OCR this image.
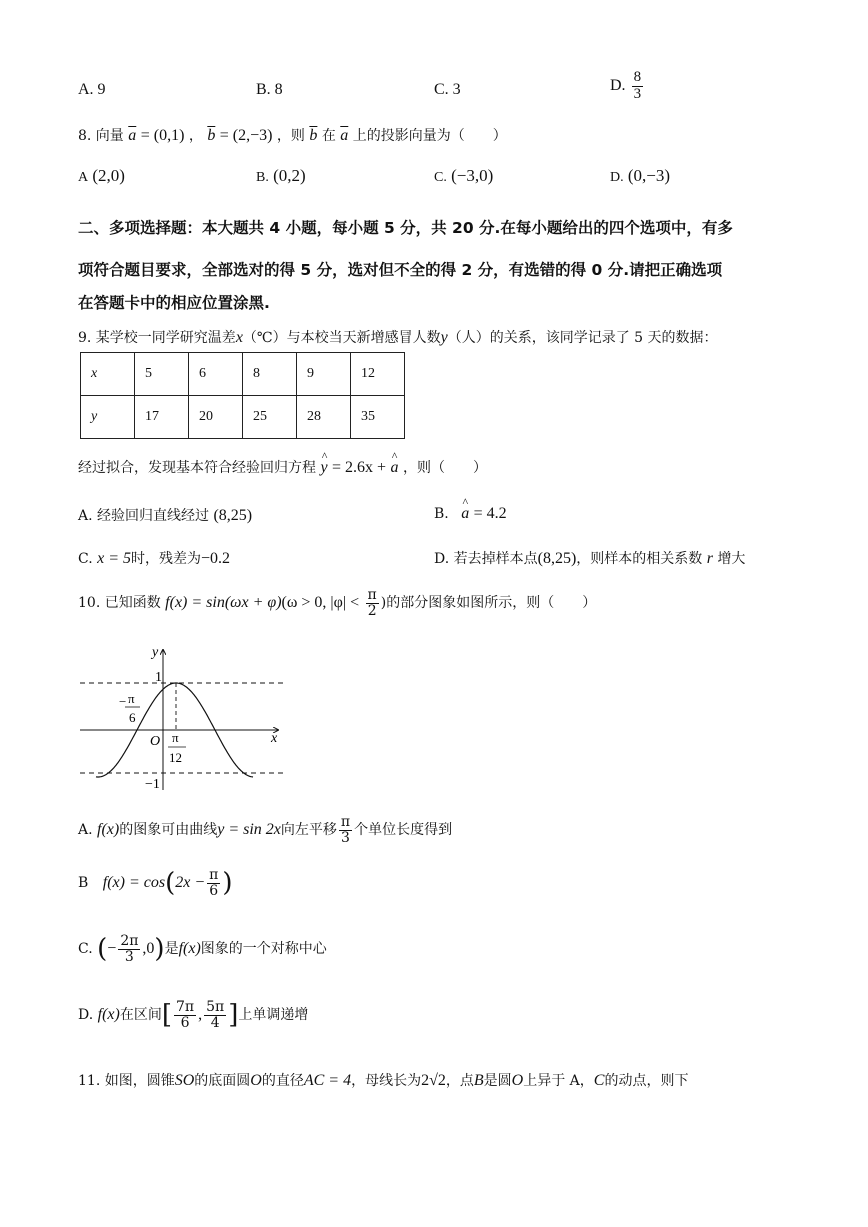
A. 9	B. 8	C. 3	D. $\frac{8}{3}$
8. 向量 $\overline{a} = (0,1)$ ， $\overline{b} = (2,-3)$ ，则 $\overline{b}$ 在 $\overline{a}$ 上的投影向量为（　　）
A (2,0)	B. (0,2)	C. (−3,0)	D. (0,−3)
二、多项选择题：本大题共 4 小题，每小题 5 分，共 20 分.在每小题给出的四个选项中，有多
项符合题目要求，全部选对的得 5 分，选对但不全的得 2 分，有选错的得 0 分.请把正确选项
在答题卡中的相应位置涂黑.
9. 某学校一同学研究温差x（℃）与本校当天新增感冒人数y（人）的关系，该同学记录了 5 天的数据：
x	5	6	8	9	12
y	17	20	25	28	35
经过拟合，发现基本符合经验回归方程 ^ y = 2.6x + ^ a ，则（　　）
A. 经验回归直线经过 (8,25)	B. ^ a = 4.2
C. x = 5时，残差为−0.2	D. 若去掉样本点(8,25)，则样本的相关系数 r 增大
10. 已知函数 f(x) = sin(ωx + φ)(ω > 0, $|\varphi| < \frac{\pi}{2}$ )的部分图象如图所示，则（　　）
y
x
O
1
−1
− π
6
π
12
A. f(x)的图象可由曲线y = sin 2x向左平移 $\frac{\pi}{3}$ 个单位长度得到
B $f(x) = \cos(2x - \frac{\pi}{6}$ )
C. (− $\frac{2\pi}{3} ,0$)是f(x)图象的一个对称中心
D. f(x)在区间[ $\frac{7\pi}{6}$ , $\frac{5\pi}{4}$ ]上单调递增
11. 如图，圆锥SO的底面圆O的直径AC = 4，母线长为2√2，点B是圆O上异于 A，C的动点，则下
